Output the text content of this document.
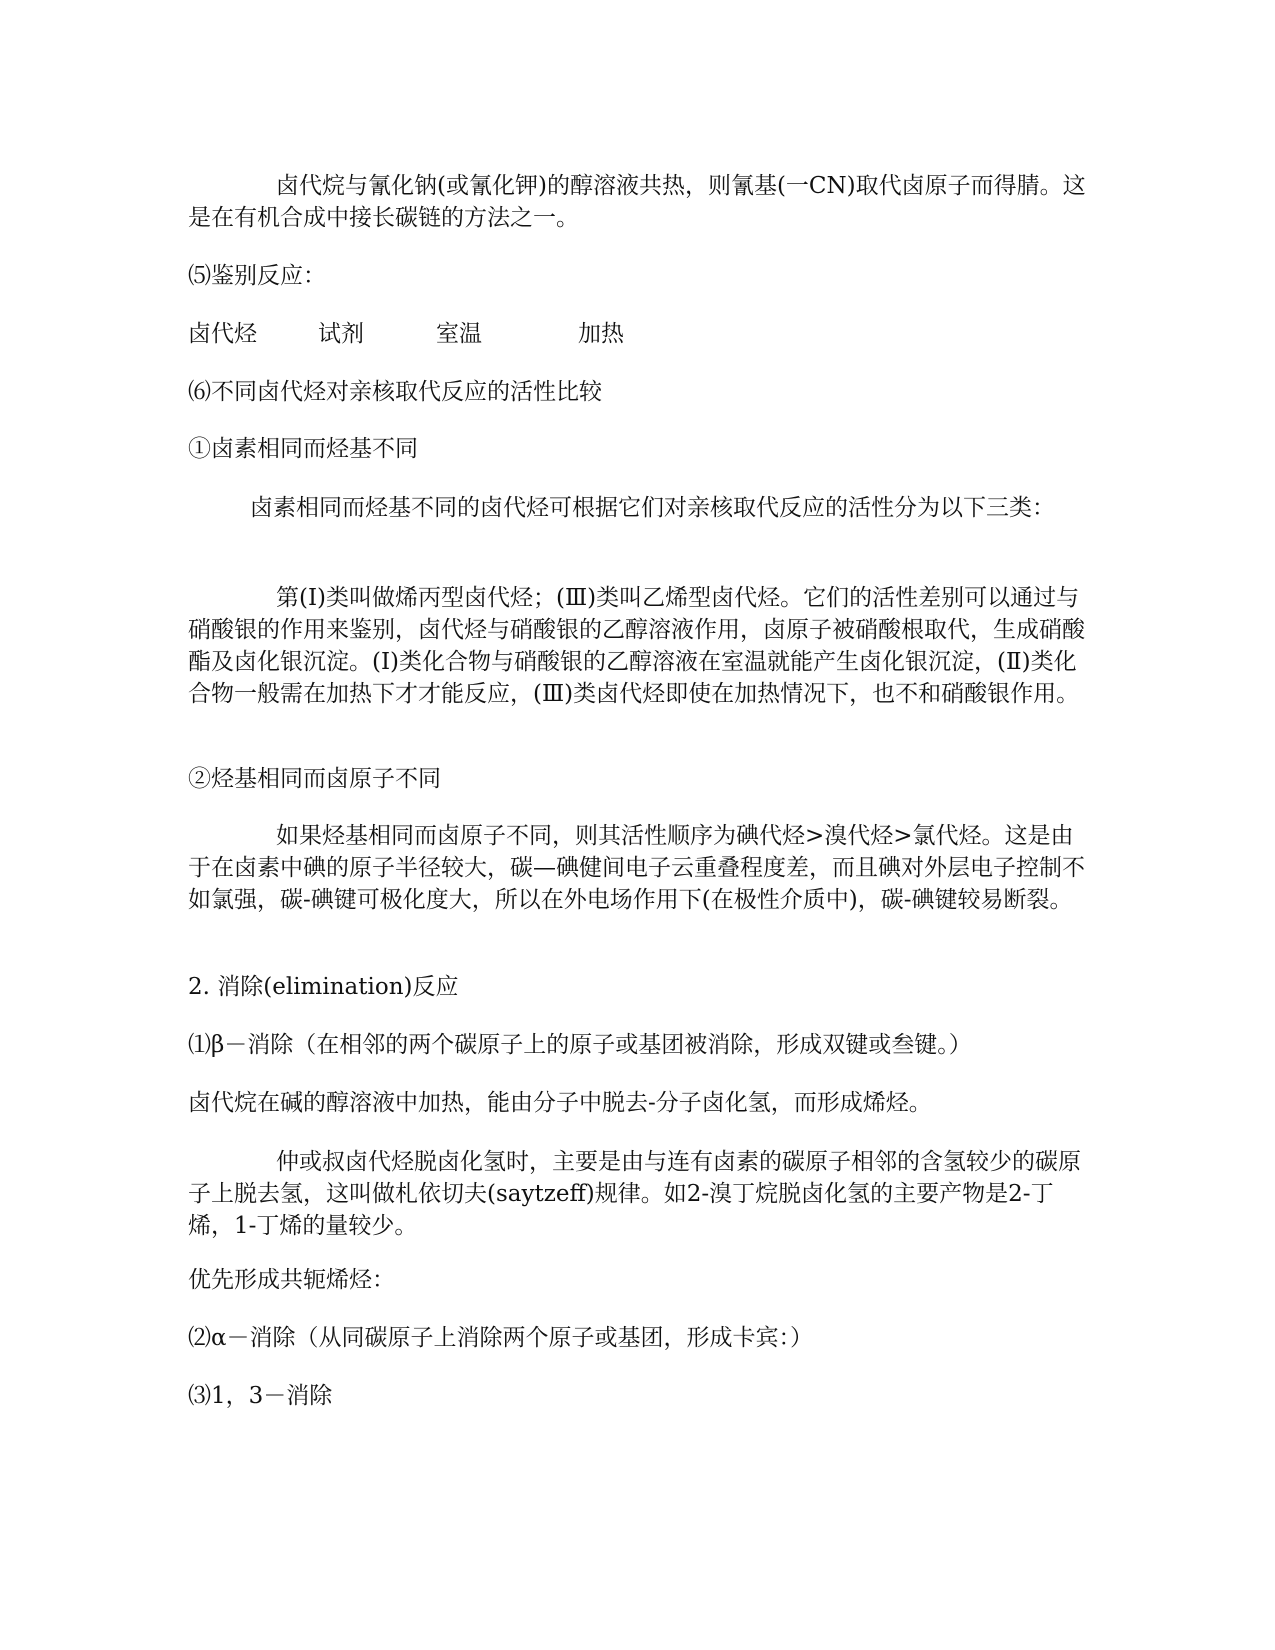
卤代烷与氰化钠(或氰化钾)的醇溶液共热，则氰基(一CN)取代卤原子而得腈。这是在有机合成中接长碳链的方法之一。

⑸鉴别反应：

卤代烃	试剂	室温	加热

⑹不同卤代烃对亲核取代反应的活性比较

①卤素相同而烃基不同

卤素相同而烃基不同的卤代烃可根据它们对亲核取代反应的活性分为以下三类：

第(I)类叫做烯丙型卤代烃；(Ⅲ)类叫乙烯型卤代烃。它们的活性差别可以通过与硝酸银的作用来鉴别，卤代烃与硝酸银的乙醇溶液作用，卤原子被硝酸根取代，生成硝酸酯及卤化银沉淀。(I)类化合物与硝酸银的乙醇溶液在室温就能产生卤化银沉淀，(Ⅱ)类化合物一般需在加热下才才能反应，(Ⅲ)类卤代烃即使在加热情况下，也不和硝酸银作用。

②烃基相同而卤原子不同

如果烃基相同而卤原子不同，则其活性顺序为碘代烃>溴代烃>氯代烃。这是由于在卤素中碘的原子半径较大，碳—碘健间电子云重叠程度差，而且碘对外层电子控制不如氯强，碳-碘键可极化度大，所以在外电场作用下(在极性介质中)，碳-碘键较易断裂。

2. 消除(elimination)反应

⑴β－消除（在相邻的两个碳原子上的原子或基团被消除，形成双键或叁键。）

卤代烷在碱的醇溶液中加热，能由分子中脱去-分子卤化氢，而形成烯烃。

仲或叔卤代烃脱卤化氢时，主要是由与连有卤素的碳原子相邻的含氢较少的碳原子上脱去氢，这叫做札依切夫(saytzeff)规律。如2-溴丁烷脱卤化氢的主要产物是2-丁烯，1-丁烯的量较少。

优先形成共轭烯烃：

⑵α－消除（从同碳原子上消除两个原子或基团，形成卡宾：）

⑶1，3－消除
